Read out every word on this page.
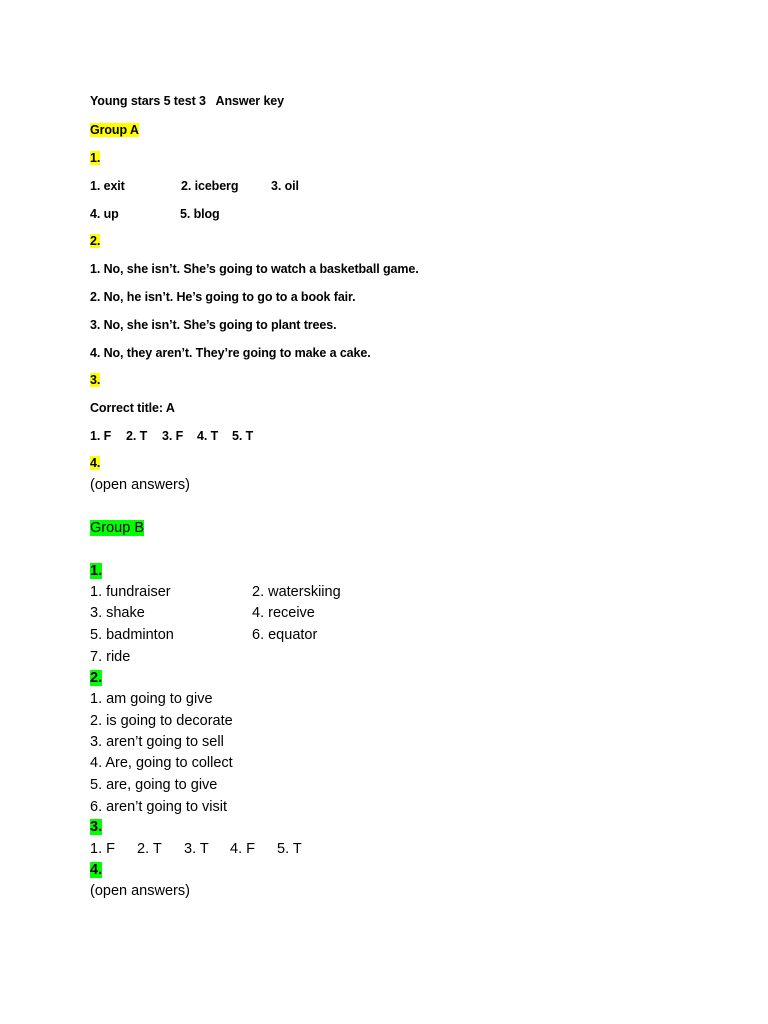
Young stars 5 test 3   Answer key
Group A
1.
1. exit	2. iceberg	3. oil
4. up	5. blog
2.
1. No, she isn’t. She’s going to watch a basketball game.
2. No, he isn’t. He’s going to go to a book fair.
3. No, she isn’t. She’s going to plant trees.
4. No, they aren’t. They’re going to make a cake.
3.
Correct title: A
1. F 2. T 3. F 4. T 5. T
4.
(open answers)
Group B
1.
1. fundraiser	2. waterskiing
3. shake	4. receive
5. badminton	6. equator
7. ride
2.
1. am going to give
2. is going to decorate
3. aren’t going to sell
4. Are, going to collect
5. are, going to give
6. aren’t going to visit
3.
1. F 2. T 3. T 4. F 5. T
4.
(open answers)
